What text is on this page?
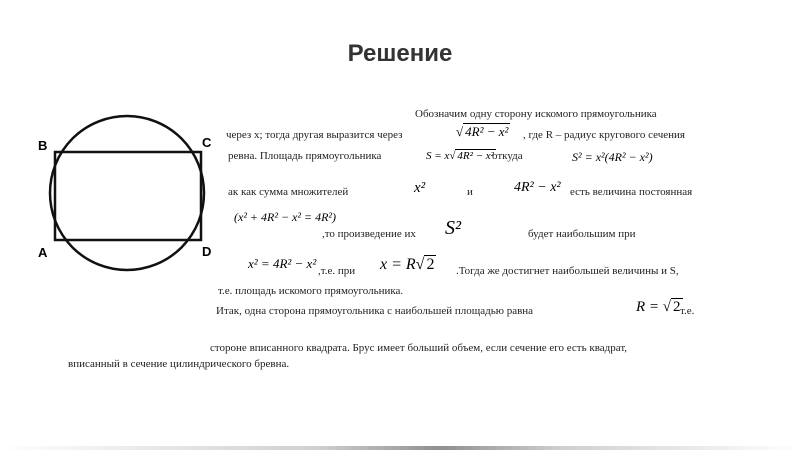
Решение
B	C
A	D
Обозначим одну сторону искомого прямоугольника
через x; тогда другая выразится через	√ 4R² − x² , где R – радиус кругового сечения
ревна. Площадь прямоугольника	S = x√ 4R² − x²
откуда	S² = x²(4R² − x²)
ак как сумма множителей	x²	и	4R² − x² есть величина постоянная
(x² + 4R² − x² = 4R²)
,то произведение их S²	будет наибольшим при
x² = 4R² − x² ,т.е. при x = R√ 2 .Тогда же достигнет наибольшей величины и S,
т.е. площадь искомого прямоугольника.
Итак, одна сторона прямоугольника с наибольшей площадью равна	R = √ 2 т.е.
стороне вписанного квадрата. Брус имеет больший объем, если сечение его есть квадрат,
вписанный в сечение цилиндрического бревна.
